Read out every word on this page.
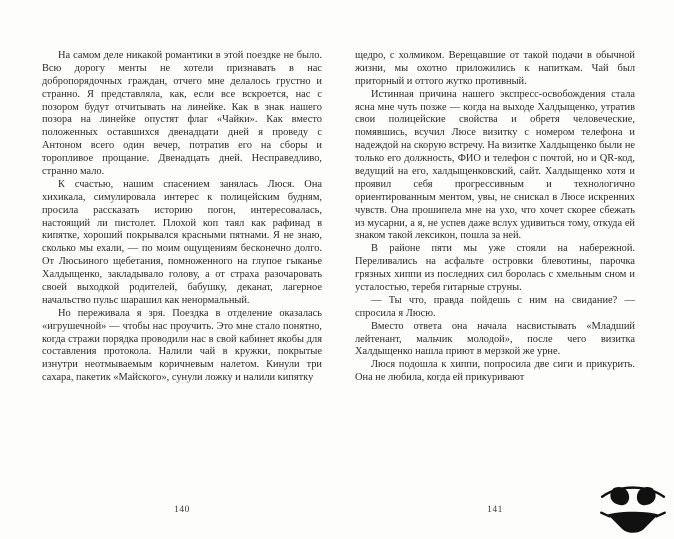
На самом деле никакой романтики в этой поездке не было. Всю дорогу менты не хотели признавать в нас добропорядочных граждан, отчего мне делалось грустно и странно. Я представляла, как, если все вскроется, нас с позором будут отчитывать на линейке. Как в знак нашего позора на линейке опустят флаг «Чайки». Как вместо положенных оставшихся двенадцати дней я проведу с Антоном всего один вечер, потратив его на сборы и торопливое прощание. Двенадцать дней. Несправедливо, странно мало.

К счастью, нашим спасением занялась Люся. Она хихикала, симулировала интерес к полицейским будням, просила рассказать историю погон, интересовалась, настоящий ли пистолет. Плохой коп таял как рафинад в кипятке, хороший покрывался красными пятнами. Я не знаю, сколько мы ехали, — по моим ощущениям бесконечно долго. От Люсьиного щебетания, помноженного на глупое гыканье Халдыщенко, закладывало голову, а от страха разочаровать своей выходкой родителей, бабушку, деканат, лагерное начальство пульс шарашил как ненормальный.

Но переживала я зря. Поездка в отделение оказалась «игрушечной» — чтобы нас проучить. Это мне стало понятно, когда стражи порядка проводили нас в свой кабинет якобы для составления протокола. Налили чай в кружки, покрытые изнутри неотмываемым коричневым налетом. Кинули три сахара, пакетик «Майского», сунули ложку и налили кипятку

щедро, с холмиком. Верещавшие от такой подачи в обычной жизни, мы охотно приложились к напиткам. Чай был приторный и оттого жутко противный.

Истинная причина нашего экспресс-освобождения стала ясна мне чуть позже — когда на выходе Халдыщенко, утратив свои полицейские свойства и обретя человеческие, помявшись, всучил Люсе визитку с номером телефона и надеждой на скорую встречу. На визитке Халдыщенко были не только его должность, ФИО и телефон с почтой, но и QR-код, ведущий на его, халдыщенковский, сайт. Халдыщенко хотя и проявил себя прогрессивным и технологично ориентированным ментом, увы, не снискал в Люсе искренних чувств. Она прошипела мне на ухо, что хочет скорее сбежать из мусарни, а я, не успев даже вслух удивиться тому, откуда ей знаком такой лексикон, пошла за ней.

В районе пяти мы уже стояли на набережной. Переливались на асфальте островки блевотины, парочка грязных хиппи из последних сил боролась с хмельным сном и усталостью, теребя гитарные струны.

— Ты что, правда пойдешь с ним на свидание? — спросила я Люсю.

Вместо ответа она начала насвистывать «Младший лейтенант, мальчик молодой», после чего визитка Халдыщенко нашла приют в мерзкой же урне.

Люся подошла к хиппи, попросила две сиги и прикурить. Она не любила, когда ей прикуривают

140	141
